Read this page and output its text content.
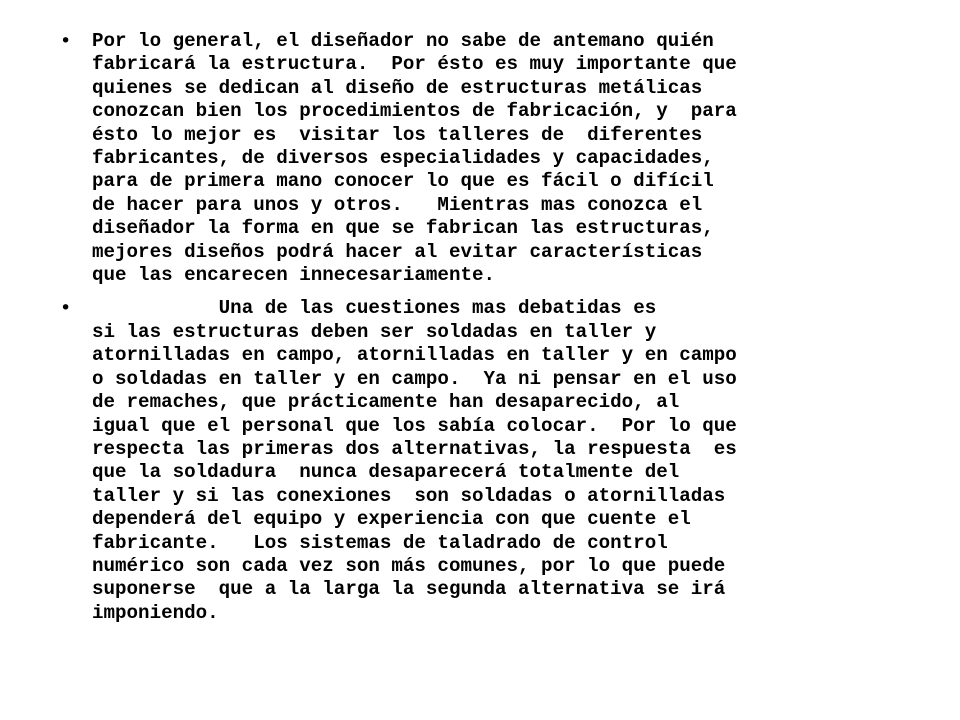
• Por lo general, el diseñador no sabe de antemano quién
fabricará la estructura.  Por ésto es muy importante que
quienes se dedican al diseño de estructuras metálicas
conozcan bien los procedimientos de fabricación, y  para
ésto lo mejor es  visitar los talleres de  diferentes
fabricantes, de diversos especialidades y capacidades,
para de primera mano conocer lo que es fácil o difícil
de hacer para unos y otros.   Mientras mas conozca el
diseñador la forma en que se fabrican las estructuras,
mejores diseños podrá hacer al evitar características
que las encarecen innecesariamente.

•	Una de las cuestiones mas debatidas es
si las estructuras deben ser soldadas en taller y
atornilladas en campo, atornilladas en taller y en campo
o soldadas en taller y en campo.  Ya ni pensar en el uso
de remaches, que prácticamente han desaparecido, al
igual que el personal que los sabía colocar.  Por lo que
respecta las primeras dos alternativas, la respuesta  es
que la soldadura  nunca desaparecerá totalmente del
taller y si las conexiones  son soldadas o atornilladas
dependerá del equipo y experiencia con que cuente el
fabricante.   Los sistemas de taladrado de control
numérico son cada vez son más comunes, por lo que puede
suponerse  que a la larga la segunda alternativa se irá
imponiendo.
